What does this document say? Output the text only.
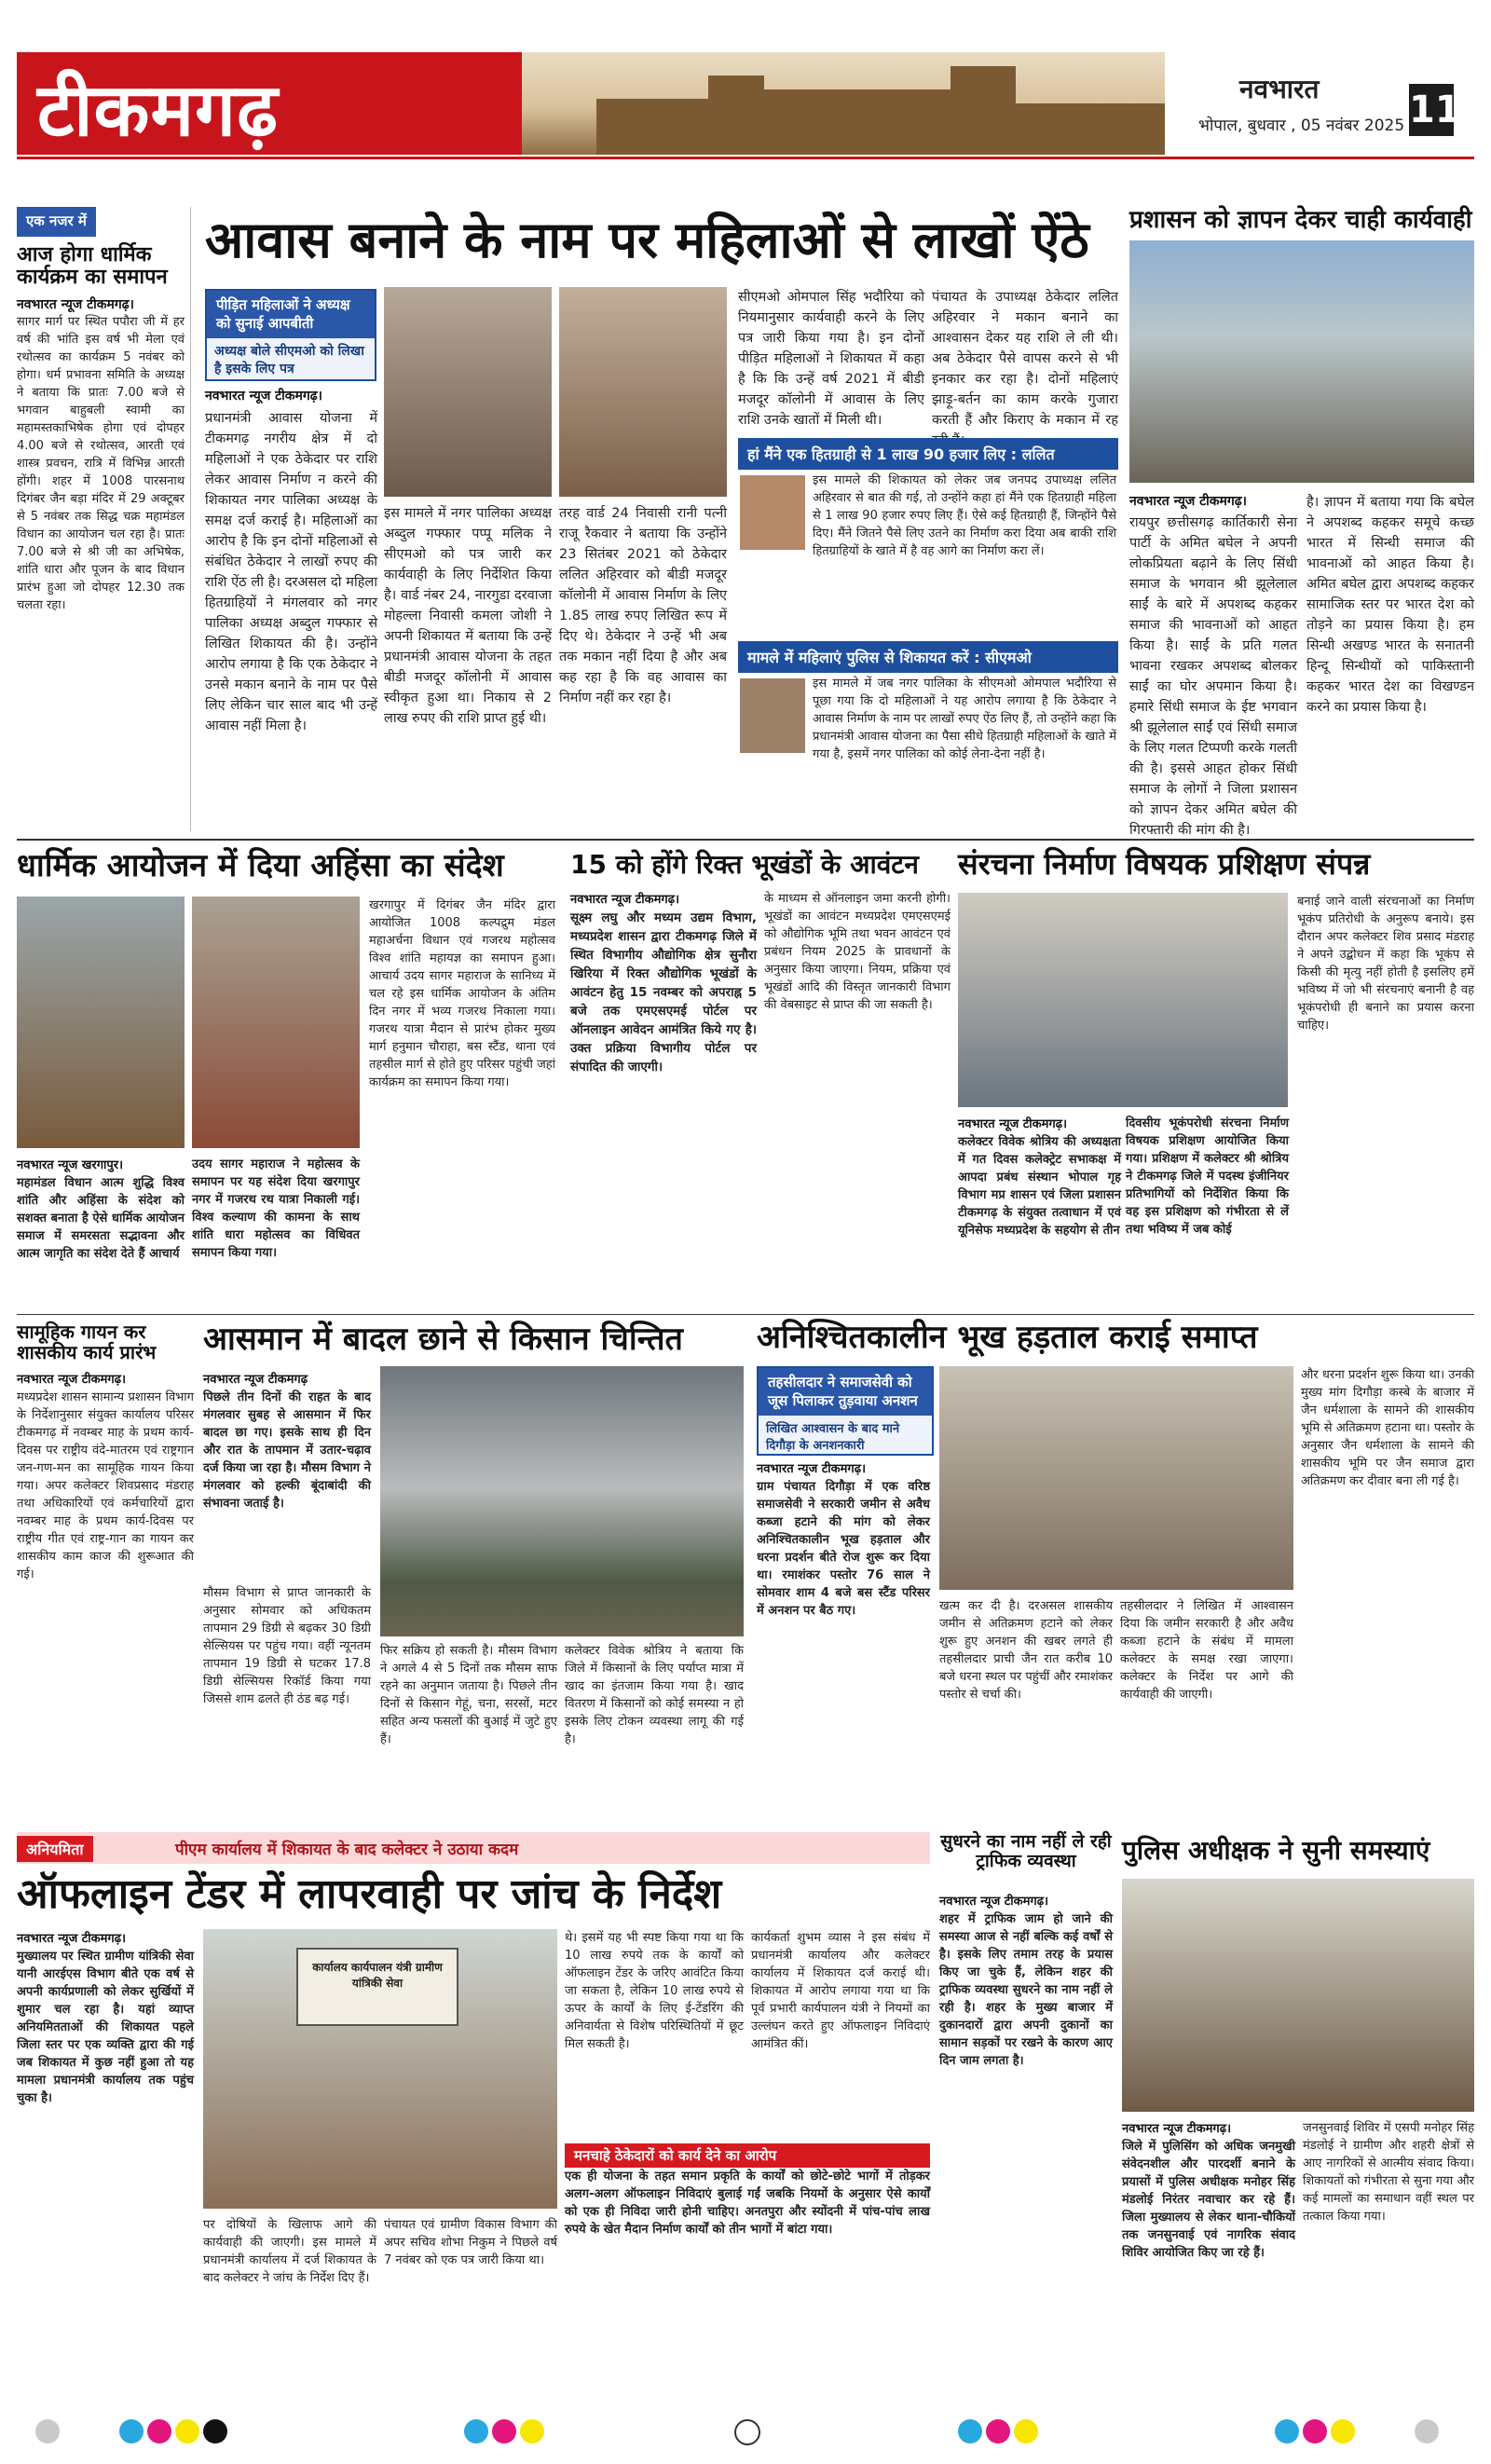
टीकमगढ़	नवभारत
भोपाल, बुधवार , 05 नवंबर 2025 11
एक नजर में
आज होगा धार्मिक कार्यक्रम का समापन
नवभारत न्यूज टीकमगढ़।
सागर मार्ग पर स्थित पपौरा जी में हर वर्ष की भांति इस वर्ष भी मेला एवं रथोत्सव का कार्यक्रम 5 नवंबर को होगा। धर्म प्रभावना समिति के अध्यक्ष ने बताया कि प्रातः 7.00 बजे से भगवान बाहुबली स्वामी का महामस्तकाभिषेक होगा एवं दोपहर 4.00 बजे से रथोत्सव, आरती एवं शास्त्र प्रवचन, रात्रि में विभिन्न आरती होंगी। शहर में 1008 पारसनाथ दिगंबर जैन बड़ा मंदिर में 29 अक्टूबर से 5 नवंबर तक सिद्ध चक्र महामंडल विधान का आयोजन चल रहा है। प्रातः 7.00 बजे से श्री जी का अभिषेक, शांति धारा और पूजन के बाद विधान प्रारंभ हुआ जो दोपहर 12.30 तक चलता रहा।
आवास बनाने के नाम पर महिलाओं से लाखों ऐंठे
पीड़ित महिलाओं ने अध्यक्ष को सुनाई आपबीती
अध्यक्ष बोले सीएमओ को लिखा है इसके लिए पत्र
नवभारत न्यूज टीकमगढ़।
प्रधानमंत्री आवास योजना में टीकमगढ़ नगरीय क्षेत्र में दो महिलाओं ने एक ठेकेदार पर राशि लेकर आवास निर्माण न करने की शिकायत नगर पालिका अध्यक्ष के समक्ष दर्ज कराई है। महिलाओं का आरोप है कि इन दोनों महिलाओं से संबंधित ठेकेदार ने लाखों रुपए की राशि ऐंठ ली है। दरअसल दो महिला हितग्राहियों ने मंगलवार को नगर पालिका अध्यक्ष अब्दुल गफ्फार से लिखित शिकायत की है। उन्होंने आरोप लगाया है कि एक ठेकेदार ने उनसे मकान बनाने के नाम पर पैसे लिए लेकिन चार साल बाद भी उन्हें आवास नहीं मिला है।
इस मामले में नगर पालिका अध्यक्ष अब्दुल गफ्फार पप्पू मलिक ने सीएमओ को पत्र जारी कर कार्यवाही के लिए निर्देशित किया है। वार्ड नंबर 24, नारगुडा दरवाजा मोहल्ला निवासी कमला जोशी ने अपनी शिकायत में बताया कि उन्हें प्रधानमंत्री आवास योजना के तहत बीडी मजदूर कॉलोनी में आवास स्वीकृत हुआ था। निकाय से 2 लाख रुपए की राशि प्राप्त हुई थी।
तरह वार्ड 24 निवासी रानी पत्नी राजू रैकवार ने बताया कि उन्होंने 23 सितंबर 2021 को ठेकेदार ललित अहिरवार को बीडी मजदूर कॉलोनी में आवास निर्माण के लिए 1.85 लाख रुपए लिखित रूप में दिए थे। ठेकेदार ने उन्हें भी अब तक मकान नहीं दिया है और अब कह रहा है कि वह आवास का निर्माण नहीं कर रहा है।
सीएमओ ओमपाल सिंह भदौरिया को नियमानुसार कार्यवाही करने के लिए पत्र जारी किया गया है। इन दोनों पीड़ित महिलाओं ने शिकायत में कहा है कि कि उन्हें वर्ष 2021 में बीडी मजदूर कॉलोनी में आवास के लिए राशि उनके खातों में मिली थी।
पंचायत के उपाध्यक्ष ठेकेदार ललित अहिरवार ने मकान बनाने का आश्वासन देकर यह राशि ले ली थी। अब ठेकेदार पैसे वापस करने से भी इनकार कर रहा है। दोनों महिलाएं झाड़ू-बर्तन का काम करके गुजारा करती हैं और किराए के मकान में रह
हां मैंने एक हितग्राही से 1 लाख 90 हजार लिए : ललित
इस मामले की शिकायत को लेकर जब जनपद उपाध्यक्ष ललित अहिरवार से बात की गई, तो उन्होंने कहा हां मैंने एक हितग्राही महिला से 1 लाख 90 हजार रुपए लिए हैं। ऐसे कई हितग्राही हैं, जिन्होंने पैसे दिए। मैंने जितने पैसे लिए उतने का निर्माण करा दिया अब बाकी राशि हितग्राहियों के खाते में है वह आगे का निर्माण करा लें।
मामले में महिलाएं पुलिस से शिकायत करें : सीएमओ
इस मामले में जब नगर पालिका के सीएमओ ओमपाल भदौरिया से पूछा गया कि दो महिलाओं ने यह आरोप लगाया है कि ठेकेदार ने आवास निर्माण के नाम पर लाखों रुपए ऐंठ लिए हैं, तो उन्होंने कहा कि प्रधानमंत्री आवास योजना का पैसा सीधे हितग्राही महिलाओं के खाते में गया है, इसमें नगर पालिका को कोई लेना-देना नहीं है।
प्रशासन को ज्ञापन देकर चाही कार्यवाही
नवभारत न्यूज टीकमगढ़।
रायपुर छत्तीसगढ़ कार्तिकारी सेना पार्टी के अमित बघेल ने अपनी लोकप्रियता बढ़ाने के लिए सिंधी समाज के भगवान श्री झूलेलाल साईं के बारे में अपशब्द कहकर समाज की भावनाओं को आहत किया है। साईं के प्रति गलत भावना रखकर अपशब्द बोलकर साईं का घोर अपमान किया है। हमारे सिंधी समाज के ईष्ट भगवान श्री झूलेलाल साईं एवं सिंधी समाज के लिए गलत टिप्पणी करके गलती की है। इससे आहत होकर सिंधी समाज के लोगों ने जिला प्रशासन को ज्ञापन देकर अमित बघेल की गिरफ्तारी की मांग की है।
है। ज्ञापन में बताया गया कि बघेल ने अपशब्द कहकर समूचे कच्छ भारत में सिन्धी समाज की भावनाओं को आहत किया है। अमित बघेल द्वारा अपशब्द कहकर सामाजिक स्तर पर भारत देश को तोड़ने का प्रयास किया है। हम सिन्धी अखण्ड भारत के सनातनी हिन्दू सिन्धीयों को पाकिस्तानी कहकर भारत देश का विखण्डन करने का प्रयास किया है।
धार्मिक आयोजन में दिया अहिंसा का संदेश
नवभारत न्यूज खरगापुर।
महामंडल विधान आत्म शुद्धि विश्व शांति और अहिंसा के संदेश को सशक्त बनाता है ऐसे धार्मिक आयोजन समाज में समरसता सद्भावना और आत्म जागृति का संदेश देते हैं आचार्य
उदय सागर महाराज ने महोत्सव के समापन पर यह संदेश दिया खरगापुर नगर में गजरथ रथ यात्रा निकाली गई। विश्व कल्याण की कामना के साथ शांति धारा महोत्सव का विधिवत समापन किया गया।
खरगापुर में दिगंबर जैन मंदिर द्वारा आयोजित 1008 कल्पद्रुम मंडल महाअर्चना विधान एवं गजरथ महोत्सव विश्व शांति महायज्ञ का समापन हुआ। आचार्य उदय सागर महाराज के सानिध्य में चल रहे इस धार्मिक आयोजन के अंतिम दिन नगर में भव्य गजरथ निकाला गया। गजरथ यात्रा मैदान से प्रारंभ होकर मुख्य मार्ग हनुमान चौराहा, बस स्टैंड, थाना एवं तहसील मार्ग से होते हुए परिसर पहुंची जहां कार्यक्रम का समापन किया गया।
15 को होंगे रिक्त भूखंडों के आवंटन
नवभारत न्यूज टीकमगढ़।
सूक्ष्म लघु और मध्यम उद्यम विभाग, मध्यप्रदेश शासन द्वारा टीकमगढ़ जिले में स्थित विभागीय औद्योगिक क्षेत्र सुनौरा खिरिया में रिक्त औद्योगिक भूखंडों के आवंटन हेतु 15 नवम्बर को अपराह्न 5 बजे तक एमएसएमई पोर्टल पर ऑनलाइन आवेदन आमंत्रित किये गए है। उक्त प्रक्रिया विभागीय पोर्टल पर संपादित की जाएगी।
के माध्यम से ऑनलाइन जमा करनी होगी। भूखंडों का आवंटन मध्यप्रदेश एमएसएमई को औद्योगिक भूमि तथा भवन आवंटन एवं प्रबंधन नियम 2025 के प्रावधानों के अनुसार किया जाएगा। नियम, प्रक्रिया एवं भूखंडों आदि की विस्तृत जानकारी विभाग की वेबसाइट से प्राप्त की जा सकती है।
संरचना निर्माण विषयक प्रशिक्षण संपन्न
नवभारत न्यूज टीकमगढ़।
कलेक्टर विवेक श्रोत्रिय की अध्यक्षता में गत दिवस कलेक्ट्रेट सभाकक्ष में आपदा प्रबंध संस्थान भोपाल गृह विभाग मप्र शासन एवं जिला प्रशासन टीकमगढ़ के संयुक्त तत्वाधान में एवं यूनिसेफ मध्यप्रदेश के सहयोग से तीन
दिवसीय भूकंपरोधी संरचना निर्माण विषयक प्रशिक्षण आयोजित किया गया। प्रशिक्षण में कलेक्टर श्री श्रोत्रिय ने टीकमगढ़ जिले में पदस्थ इंजीनियर प्रतिभागियों को निर्देशित किया कि वह इस प्रशिक्षण को गंभीरता से लें तथा भविष्य में जब कोई
बनाई जाने वाली संरचनाओं का निर्माण भूकंप प्रतिरोधी के अनुरूप बनाये। इस दौरान अपर कलेक्टर शिव प्रसाद मंडराह ने अपने उद्बोधन में कहा कि भूकंप से किसी की मृत्यु नहीं होती है इसलिए हमें भविष्य में जो भी संरचनाएं बनानी है वह भूकंपरोधी ही बनाने का प्रयास करना चाहिए।
सामूहिक गायन कर शासकीय कार्य प्रारंभ
नवभारत न्यूज टीकमगढ़।
मध्यप्रदेश शासन सामान्य प्रशासन विभाग के निर्देशानुसार संयुक्त कार्यालय परिसर टीकमगढ़ में नवम्बर माह के प्रथम कार्य-दिवस पर राष्ट्रीय वंदे-मातरम एवं राष्ट्रगान जन-गण-मन का सामूहिक गायन किया गया। अपर कलेक्टर शिवप्रसाद मंडराह तथा अधिकारियों एवं कर्मचारियों द्वारा नवम्बर माह के प्रथम कार्य-दिवस पर राष्ट्रीय गीत एवं राष्ट्र-गान का गायन कर शासकीय काम काज की शुरूआत की गई।
आसमान में बादल छाने से किसान चिन्तित
नवभारत न्यूज टीकमगढ़
पिछले तीन दिनों की राहत के बाद मंगलवार सुबह से आसमान में फिर बादल छा गए। इसके साथ ही दिन और रात के तापमान में उतार-चढ़ाव दर्ज किया जा रहा है। मौसम विभाग ने मंगलवार को हल्की बूंदाबांदी की संभावना जताई है।
मौसम विभाग से प्राप्त जानकारी के अनुसार सोमवार को अधिकतम तापमान 29 डिग्री से बढ़कर 30 डिग्री सेल्सियस पर पहुंच गया। वहीं न्यूनतम तापमान 19 डिग्री से घटकर 17.8 डिग्री सेल्सियस रिकॉर्ड किया गया जिससे शाम ढलते ही ठंड बढ़ गई।
फिर सक्रिय हो सकती है। मौसम विभाग ने अगले 4 से 5 दिनों तक मौसम साफ रहने का अनुमान जताया है। पिछले तीन दिनों से किसान गेहूं, चना, सरसों, मटर सहित अन्य फसलों की बुआई में जुटे हुए हैं।
कलेक्टर विवेक श्रोत्रिय ने बताया कि जिले में किसानों के लिए पर्याप्त मात्रा में खाद का इंतजाम किया गया है। खाद वितरण में किसानों को कोई समस्या न हो इसके लिए टोकन व्यवस्था लागू की गई है।
अनिश्चितकालीन भूख हड़ताल कराई समाप्त
तहसीलदार ने समाजसेवी को जूस पिलाकर तुड़वाया अनशन
लिखित आश्वासन के बाद माने दिगौड़ा के अनशनकारी
नवभारत न्यूज टीकमगढ़।
ग्राम पंचायत दिगौड़ा में एक वरिष्ठ समाजसेवी ने सरकारी जमीन से अवैध कब्जा हटाने की मांग को लेकर अनिश्चितकालीन भूख हड़ताल और धरना प्रदर्शन बीते रोज शुरू कर दिया था। रमाशंकर पस्तोर 76 साल ने सोमवार शाम 4 बजे बस स्टैंड परिसर में अनशन पर बैठ गए।	खत्म कर दी है। दरअसल शासकीय जमीन से अतिक्रमण हटाने को लेकर शुरू हुए अनशन की खबर लगते ही तहसीलदार प्राची जैन रात करीब 10 बजे धरना स्थल पर पहुंचीं और रमाशंकर पस्तोर से चर्चा की।
तहसीलदार ने लिखित में आश्वासन दिया कि जमीन सरकारी है और अवैध कब्जा हटाने के संबंध में मामला कलेक्टर के समक्ष रखा जाएगा। कलेक्टर के निर्देश पर आगे की कार्यवाही की जाएगी।
और धरना प्रदर्शन शुरू किया था। उनकी मुख्य मांग दिगौड़ा कस्बे के बाजार में जैन धर्मशाला के सामने की शासकीय भूमि से अतिक्रमण हटाना था। पस्तोर के अनुसार जैन धर्मशाला के सामने की शासकीय भूमि पर जैन समाज द्वारा अतिक्रमण कर दीवार बना ली गई है।
सुधरने का नाम नहीं ले रही ट्राफिक व्यवस्था
नवभारत न्यूज टीकमगढ़।
शहर में ट्राफिक जाम हो जाने की समस्या आज से नहीं बल्कि कई वर्षों से है। इसके लिए तमाम तरह के प्रयास किए जा चुके हैं, लेकिन शहर की ट्राफिक व्यवस्था सुधरने का नाम नहीं ले रही है। शहर के मुख्य बाजार में दुकानदारों द्वारा अपनी दुकानों का सामान सड़कों पर रखने के कारण आए दिन जाम लगता है।
अनियमिता	पीएम कार्यालय में शिकायत के बाद कलेक्टर ने उठाया कदम
ऑफलाइन टेंडर में लापरवाही पर जांच के निर्देश
नवभारत न्यूज टीकमगढ़।
मुख्यालय पर स्थित ग्रामीण यांत्रिकी सेवा यानी आरईएस विभाग बीते एक वर्ष से अपनी कार्यप्रणाली को लेकर सुर्खियों में शुमार चल रहा है। यहां व्याप्त अनियमितताओं की शिकायत पहले जिला स्तर पर एक व्यक्ति द्वारा की गई जब शिकायत में कुछ नहीं हुआ तो यह मामला प्रधानमंत्री कार्यालय तक पहुंच चुका है।
कार्यालय कार्यपालन यंत्री ग्रामीण यांत्रिकी सेवा
पर दोषियों के खिलाफ आगे की कार्यवाही की जाएगी। इस मामले में प्रधानमंत्री कार्यालय में दर्ज शिकायत के बाद कलेक्टर ने जांच के निर्देश दिए हैं।
पंचायत एवं ग्रामीण विकास विभाग की अपर सचिव शोभा निकुम ने पिछले वर्ष 7 नवंबर को एक पत्र जारी किया था।
थे। इसमें यह भी स्पष्ट किया गया था कि 10 लाख रुपये तक के कार्यों को ऑफलाइन टेंडर के जरिए आवंटित किया जा सकता है, लेकिन 10 लाख रुपये से ऊपर के कार्यों के लिए ई-टेंडरिंग की अनिवार्यता से विशेष परिस्थितियों में छूट मिल सकती है।
कार्यकर्ता शुभम व्यास ने इस संबंध में प्रधानमंत्री कार्यालय और कलेक्टर कार्यालय में शिकायत दर्ज कराई थी। शिकायत में आरोप लगाया गया था कि पूर्व प्रभारी कार्यपालन यंत्री ने नियमों का उल्लंघन करते हुए ऑफलाइन निविदाएं आमंत्रित कीं।
मनचाहे ठेकेदारों को कार्य देने का आरोप
एक ही योजना के तहत समान प्रकृति के कार्यों को छोटे-छोटे भागों में तोड़कर अलग-अलग ऑफलाइन निविदाएं बुलाई गईं जबकि नियमों के अनुसार ऐसे कार्यों को एक ही निविदा जारी होनी चाहिए। अनतपुरा और स्योंदनी में पांच-पांच लाख रुपये के खेत मैदान निर्माण कार्यों को तीन भागों में बांटा गया।
पुलिस अधीक्षक ने सुनी समस्याएं
नवभारत न्यूज टीकमगढ़।
जिले में पुलिसिंग को अधिक जनमुखी संवेदनशील और पारदर्शी बनाने के प्रयासों में पुलिस अधीक्षक मनोहर सिंह मंडलोई निरंतर नवाचार कर रहे हैं। जिला मुख्यालय से लेकर थाना-चौकियों तक जनसुनवाई एवं नागरिक संवाद शिविर आयोजित किए जा रहे हैं।
जनसुनवाई शिविर में एसपी मनोहर सिंह मंडलोई ने ग्रामीण और शहरी क्षेत्रों से आए नागरिकों से आत्मीय संवाद किया। शिकायतों को गंभीरता से सुना गया और कई मामलों का समाधान वहीं स्थल पर तत्काल किया गया।
